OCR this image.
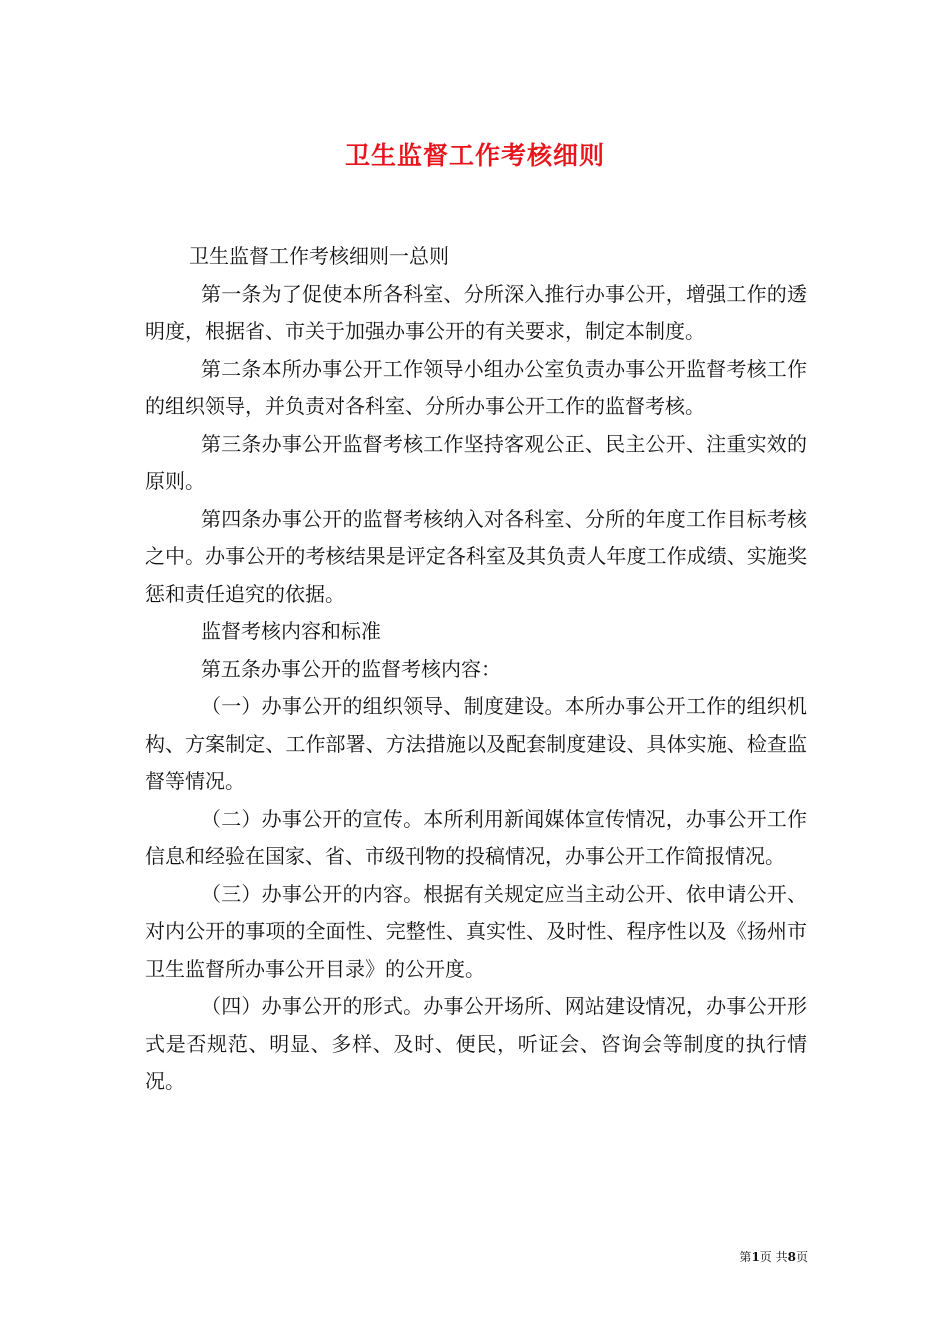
卫生监督工作考核细则

卫生监督工作考核细则一总则

第一条为了促使本所各科室、分所深入推行办事公开，增强工作的透明度，根据省、市关于加强办事公开的有关要求，制定本制度。

第二条本所办事公开工作领导小组办公室负责办事公开监督考核工作的组织领导，并负责对各科室、分所办事公开工作的监督考核。

第三条办事公开监督考核工作坚持客观公正、民主公开、注重实效的原则。

第四条办事公开的监督考核纳入对各科室、分所的年度工作目标考核之中。办事公开的考核结果是评定各科室及其负责人年度工作成绩、实施奖惩和责任追究的依据。

监督考核内容和标准

第五条办事公开的监督考核内容：

（一）办事公开的组织领导、制度建设。本所办事公开工作的组织机构、方案制定、工作部署、方法措施以及配套制度建设、具体实施、检查监督等情况。

（二）办事公开的宣传。本所利用新闻媒体宣传情况，办事公开工作信息和经验在国家、省、市级刊物的投稿情况，办事公开工作简报情况。

（三）办事公开的内容。根据有关规定应当主动公开、依申请公开、对内公开的事项的全面性、完整性、真实性、及时性、程序性以及《扬州市卫生监督所办事公开目录》的公开度。

（四）办事公开的形式。办事公开场所、网站建设情况，办事公开形式是否规范、明显、多样、及时、便民，听证会、咨询会等制度的执行情况。

第1页 共8页
